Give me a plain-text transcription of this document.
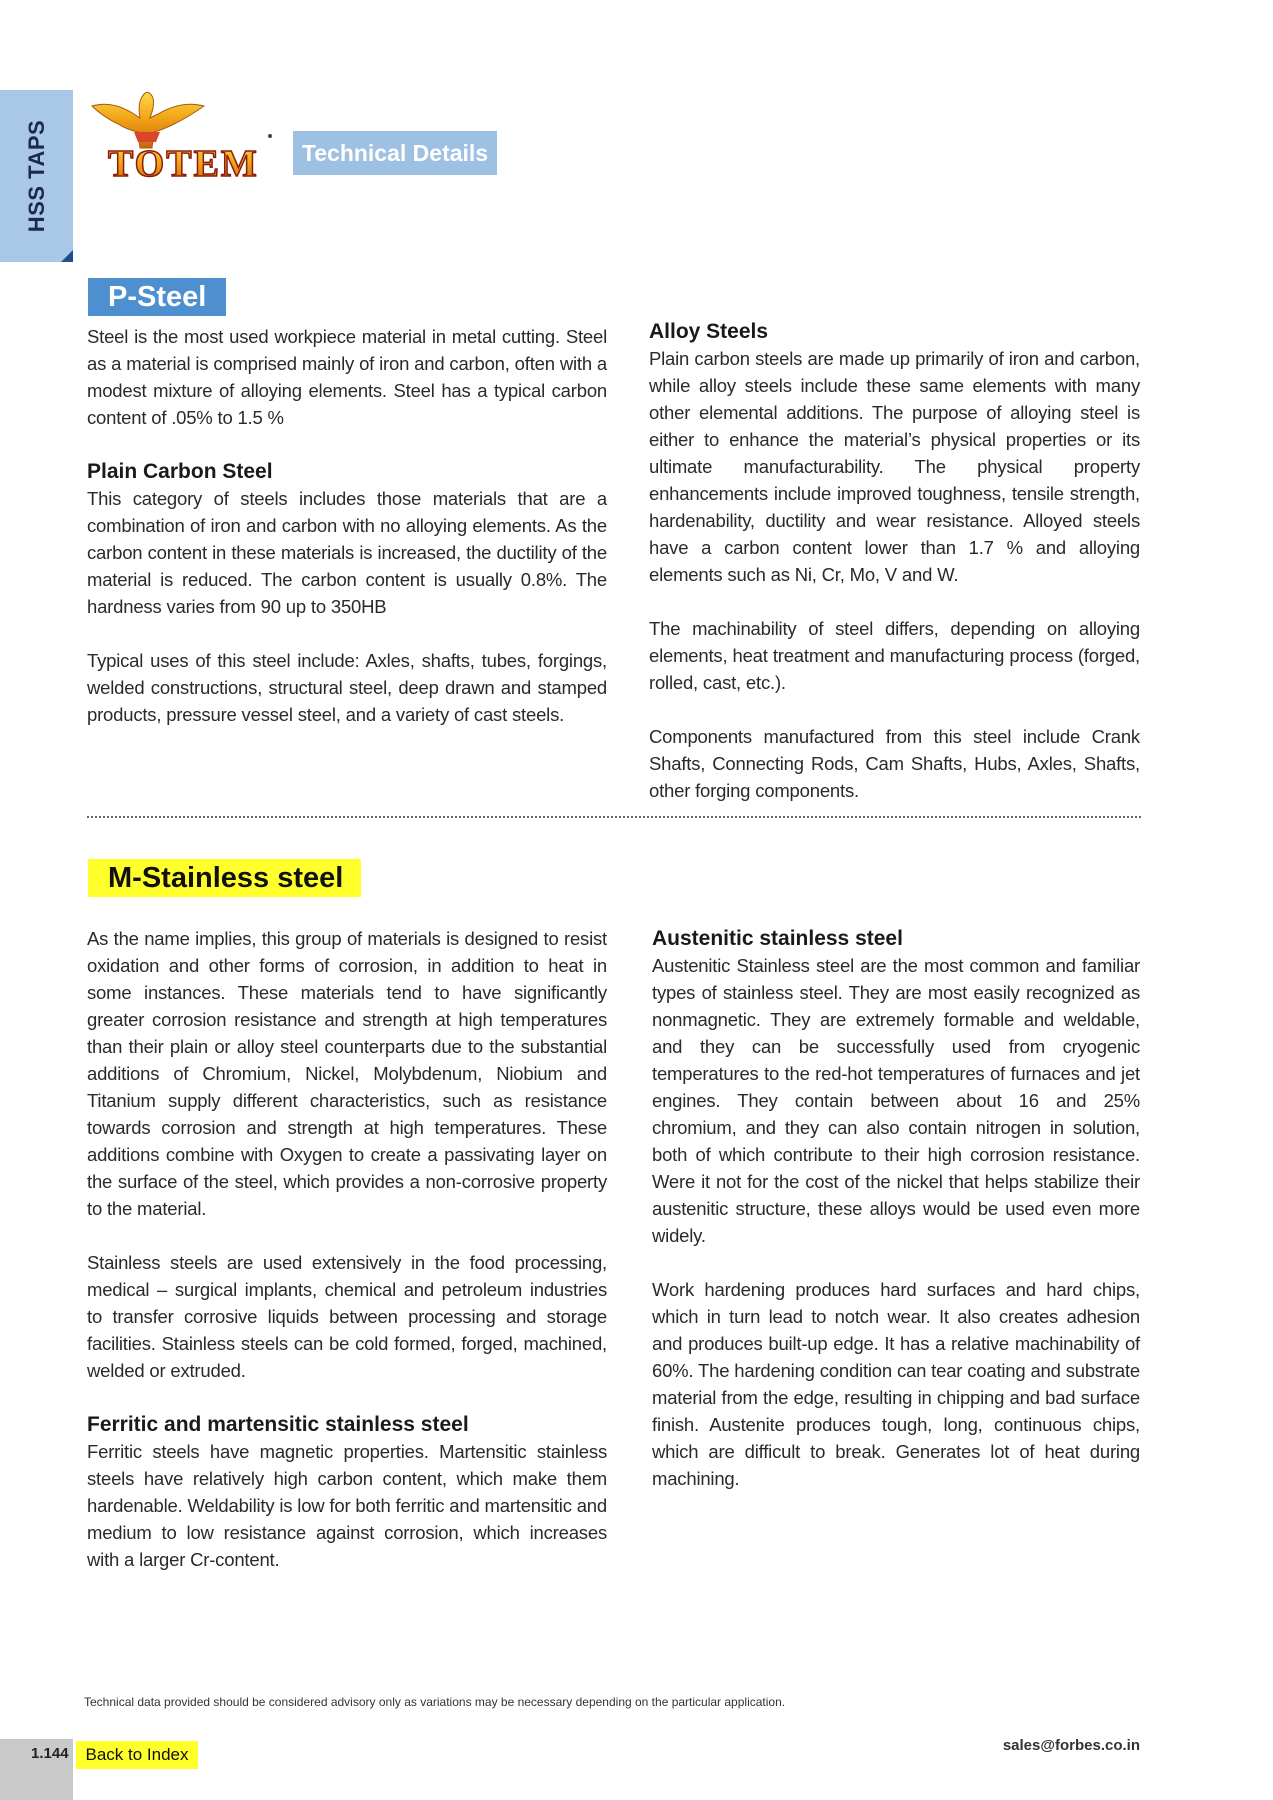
HSS TAPS TOTEM	Technical Details
P-Steel

Steel is the most used workpiece material in metal cutting. Steel as a material is comprised mainly of iron and carbon, often with a modest mixture of alloying elements. Steel has a typical carbon content of .05% to 1.5 %

Plain Carbon Steel

This category of steels includes those materials that are a combination of iron and carbon with no alloying elements. As the carbon content in these materials is increased, the ductility of the material is reduced. The carbon content is usually 0.8%. The hardness varies from 90 up to 350HB

Typical uses of this steel include: Axles, shafts, tubes, forgings, welded constructions, structural steel, deep drawn and stamped products, pressure vessel steel, and a variety of cast steels.

Alloy Steels

Plain carbon steels are made up primarily of iron and carbon, while alloy steels include these same elements with many other elemental additions. The purpose of alloying steel is either to enhance the material’s physical properties or its ultimate manufacturability. The physical property enhancements include improved toughness, tensile strength, hardenability, ductility and wear resistance. Alloyed steels have a carbon content lower than 1.7 % and alloying elements such as Ni, Cr, Mo, V and W.

The machinability of steel differs, depending on alloying elements, heat treatment and manufacturing process (forged, rolled, cast, etc.).

Components manufactured from this steel include Crank Shafts, Connecting Rods, Cam Shafts, Hubs, Axles, Shafts, other forging components.

M-Stainless steel

As the name implies, this group of materials is designed to resist oxidation and other forms of corrosion, in addition to heat in some instances. These materials tend to have significantly greater corrosion resistance and strength at high temperatures than their plain or alloy steel counterparts due to the substantial additions of Chromium, Nickel, Molybdenum, Niobium and Titanium supply different characteristics, such as resistance towards corrosion and strength at high temperatures. These additions combine with Oxygen to create a passivating layer on the surface of the steel, which provides a non-corrosive property to the material.

Stainless steels are used extensively in the food processing, medical – surgical implants, chemical and petroleum industries to transfer corrosive liquids between processing and storage facilities. Stainless steels can be cold formed, forged, machined, welded or extruded.

Ferritic and martensitic stainless steel

Ferritic steels have magnetic properties. Martensitic stainless steels have relatively high carbon content, which make them hardenable. Weldability is low for both ferritic and martensitic and medium to low resistance against corrosion, which increases with a larger Cr-content.

Austenitic stainless steel

Austenitic Stainless steel are the most common and familiar types of stainless steel. They are most easily recognized as nonmagnetic. They are extremely formable and weldable, and they can be successfully used from cryogenic temperatures to the red-hot temperatures of furnaces and jet engines. They contain between about 16 and 25% chromium, and they can also contain nitrogen in solution, both of which contribute to their high corrosion resistance. Were it not for the cost of the nickel that helps stabilize their austenitic structure, these alloys would be used even more widely.

Work hardening produces hard surfaces and hard chips, which in turn lead to notch wear. It also creates adhesion and produces built-up edge. It has a relative machinability of 60%. The hardening condition can tear coating and substrate material from the edge, resulting in chipping and bad surface finish. Austenite produces tough, long, continuous chips, which are difficult to break. Generates lot of heat during machining.

Technical data provided should be considered advisory only as variations may be necessary depending on the particular application.
1.144 Back to Index	sales@forbes.co.in
